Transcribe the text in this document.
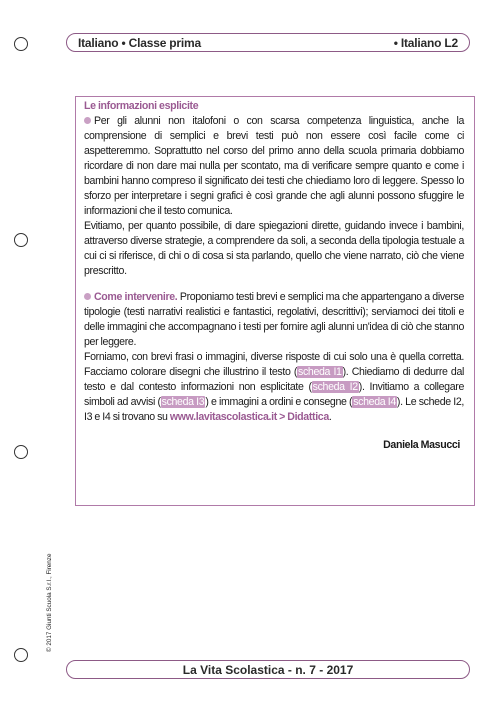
Italiano • Classe prima	• Italiano L2
Le informazioni esplicite

Per gli alunni non italofoni o con scarsa competenza linguistica, anche la comprensione di semplici e brevi testi può non essere così facile come ci aspetteremmo. Soprattutto nel corso del primo anno della scuola primaria dobbiamo ricordare di non dare mai nulla per scontato, ma di verificare sempre quanto e come i bambini hanno compreso il significato dei testi che chiediamo loro di leggere. Spesso lo sforzo per interpretare i segni grafici è così grande che agli alunni possono sfuggire le informazioni che il testo comunica.

Evitiamo, per quanto possibile, di dare spiegazioni dirette, guidando invece i bambini, attraverso diverse strategie, a comprendere da soli, a seconda della tipologia testuale a cui ci si riferisce, di chi o di cosa si sta parlando, quello che viene narrato, ciò che viene prescritto.

Come intervenire. Proponiamo testi brevi e semplici ma che appartengano a diverse tipologie (testi narrativi realistici e fantastici, regolativi, descrittivi); serviamoci dei titoli e delle immagini che accompagnano i testi per fornire agli alunni un'idea di ciò che stanno per leggere.

Forniamo, con brevi frasi o immagini, diverse risposte di cui solo una è quella corretta. Facciamo colorare disegni che illustrino il testo (scheda I1). Chiediamo di dedurre dal testo e dal contesto informazioni non esplicitate (scheda I2). Invitiamo a collegare simboli ad avvisi (scheda I3) e immagini a ordini e consegne (scheda I4). Le schede I2, I3 e I4 si trovano su www.lavitascolastica.it > Didattica.

Daniela Masucci
© 2017 Giunti Scuola S.r.l., Firenze
La Vita Scolastica - n. 7 - 2017
